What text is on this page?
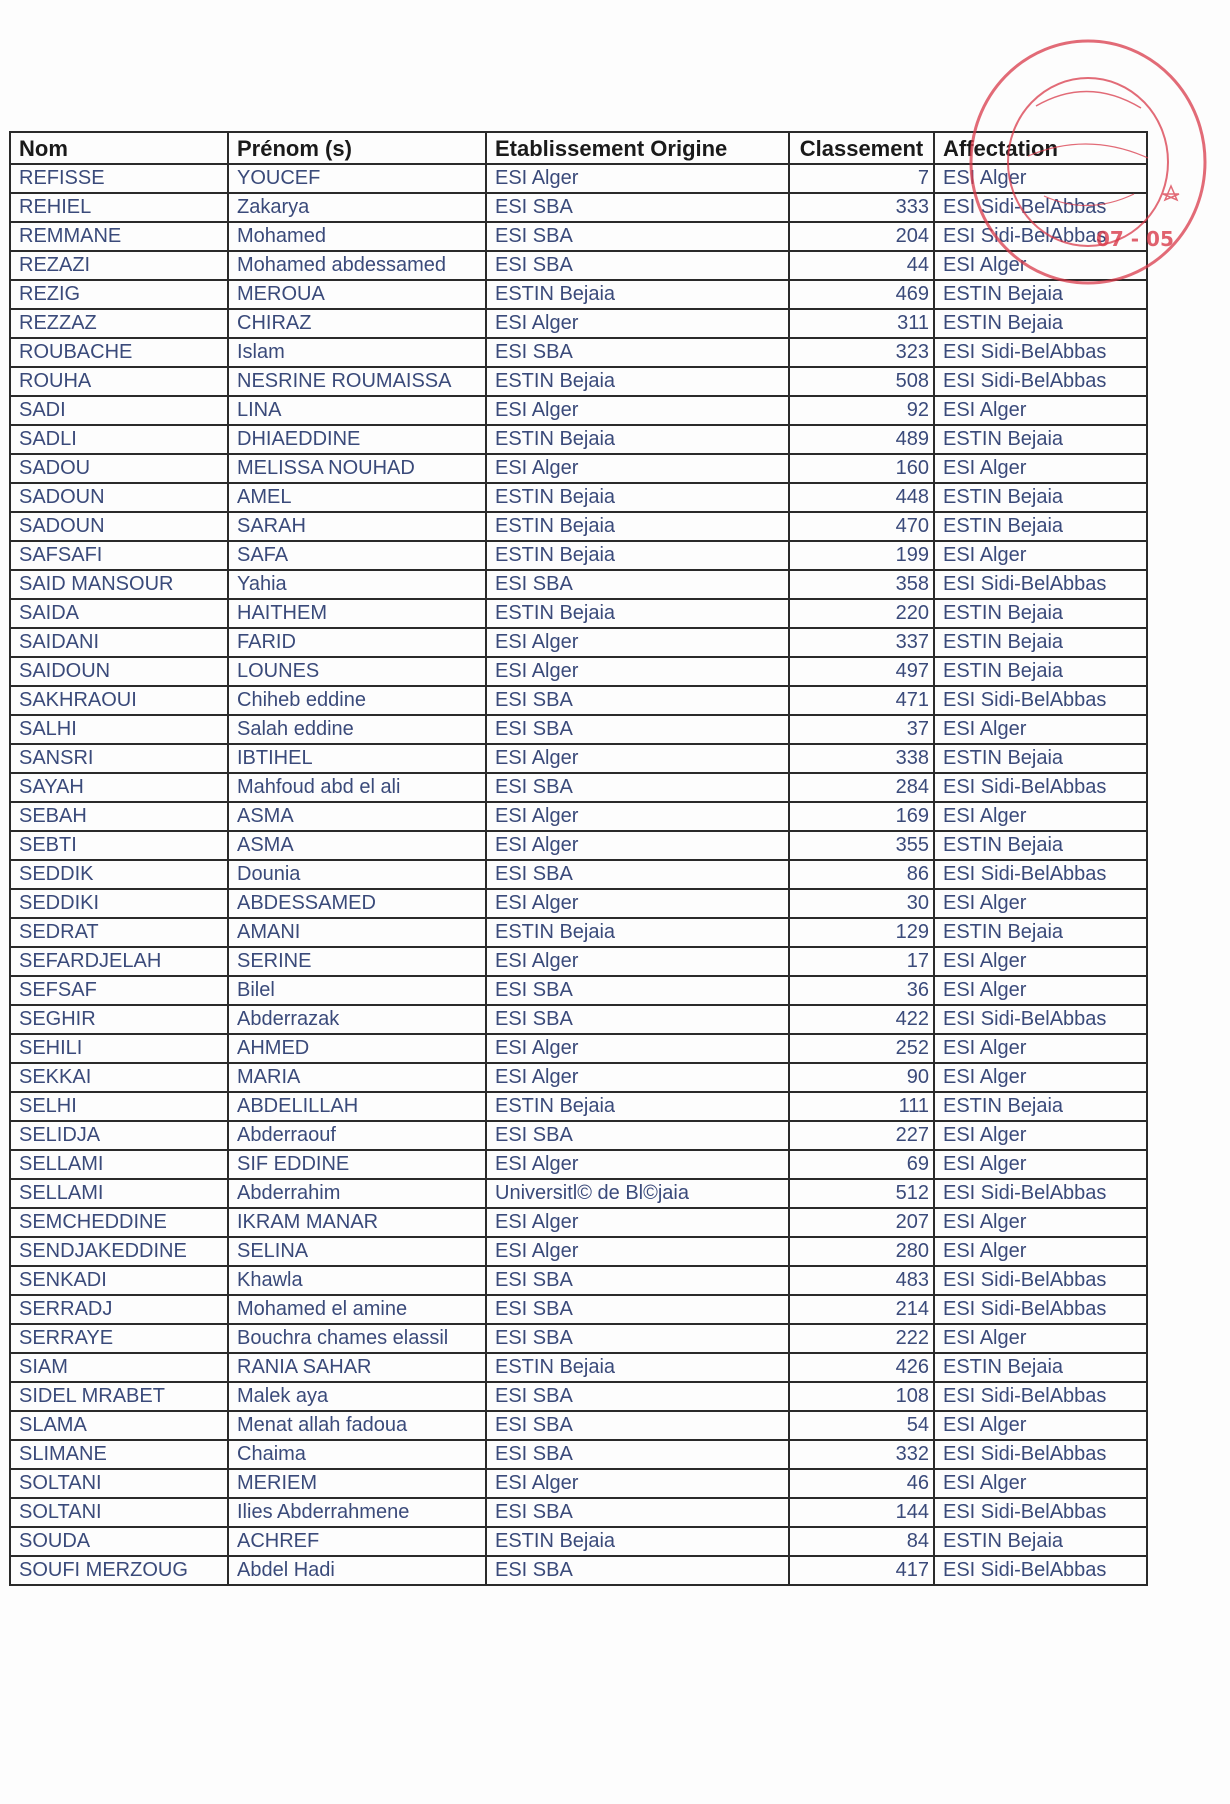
Nom	Prénom (s)	Etablissement Origine	Classement	Affectation
REFISSE	YOUCEF	ESI Alger	7	ESI Alger
REHIEL	Zakarya	ESI SBA	333	ESI Sidi-BelAbbas
REMMANE	Mohamed	ESI SBA	204	ESI Sidi-BelAbbas
REZAZI	Mohamed abdessamed	ESI SBA	44	ESI Alger
REZIG	MEROUA	ESTIN Bejaia	469	ESTIN Bejaia
REZZAZ	CHIRAZ	ESI Alger	311	ESTIN Bejaia
ROUBACHE	Islam	ESI SBA	323	ESI Sidi-BelAbbas
ROUHA	NESRINE ROUMAISSA	ESTIN Bejaia	508	ESI Sidi-BelAbbas
SADI	LINA	ESI Alger	92	ESI Alger
SADLI	DHIAEDDINE	ESTIN Bejaia	489	ESTIN Bejaia
SADOU	MELISSA NOUHAD	ESI Alger	160	ESI Alger
SADOUN	AMEL	ESTIN Bejaia	448	ESTIN Bejaia
SADOUN	SARAH	ESTIN Bejaia	470	ESTIN Bejaia
SAFSAFI	SAFA	ESTIN Bejaia	199	ESI Alger
SAID MANSOUR	Yahia	ESI SBA	358	ESI Sidi-BelAbbas
SAIDA	HAITHEM	ESTIN Bejaia	220	ESTIN Bejaia
SAIDANI	FARID	ESI Alger	337	ESTIN Bejaia
SAIDOUN	LOUNES	ESI Alger	497	ESTIN Bejaia
SAKHRAOUI	Chiheb eddine	ESI SBA	471	ESI Sidi-BelAbbas
SALHI	Salah eddine	ESI SBA	37	ESI Alger
SANSRI	IBTIHEL	ESI Alger	338	ESTIN Bejaia
SAYAH	Mahfoud abd el ali	ESI SBA	284	ESI Sidi-BelAbbas
SEBAH	ASMA	ESI Alger	169	ESI Alger
SEBTI	ASMA	ESI Alger	355	ESTIN Bejaia
SEDDIK	Dounia	ESI SBA	86	ESI Sidi-BelAbbas
SEDDIKI	ABDESSAMED	ESI Alger	30	ESI Alger
SEDRAT	AMANI	ESTIN Bejaia	129	ESTIN Bejaia
SEFARDJELAH	SERINE	ESI Alger	17	ESI Alger
SEFSAF	Bilel	ESI SBA	36	ESI Alger
SEGHIR	Abderrazak	ESI SBA	422	ESI Sidi-BelAbbas
SEHILI	AHMED	ESI Alger	252	ESI Alger
SEKKAI	MARIA	ESI Alger	90	ESI Alger
SELHI	ABDELILLAH	ESTIN Bejaia	111	ESTIN Bejaia
SELIDJA	Abderraouf	ESI SBA	227	ESI Alger
SELLAMI	SIF EDDINE	ESI Alger	69	ESI Alger
SELLAMI	Abderrahim	Universitl© de Bl©jaia	512	ESI Sidi-BelAbbas
SEMCHEDDINE	IKRAM MANAR	ESI Alger	207	ESI Alger
SENDJAKEDDINE	SELINA	ESI Alger	280	ESI Alger
SENKADI	Khawla	ESI SBA	483	ESI Sidi-BelAbbas
SERRADJ	Mohamed el amine	ESI SBA	214	ESI Sidi-BelAbbas
SERRAYE	Bouchra chames elassil	ESI SBA	222	ESI Alger
SIAM	RANIA SAHAR	ESTIN Bejaia	426	ESTIN Bejaia
SIDEL MRABET	Malek aya	ESI SBA	108	ESI Sidi-BelAbbas
SLAMA	Menat allah fadoua	ESI SBA	54	ESI Alger
SLIMANE	Chaima	ESI SBA	332	ESI Sidi-BelAbbas
SOLTANI	MERIEM	ESI Alger	46	ESI Alger
SOLTANI	Ilies Abderrahmene	ESI SBA	144	ESI Sidi-BelAbbas
SOUDA	ACHREF	ESTIN Bejaia	84	ESTIN Bejaia
SOUFI MERZOUG	Abdel Hadi	ESI SBA	417	ESI Sidi-BelAbbas
07 - 05
